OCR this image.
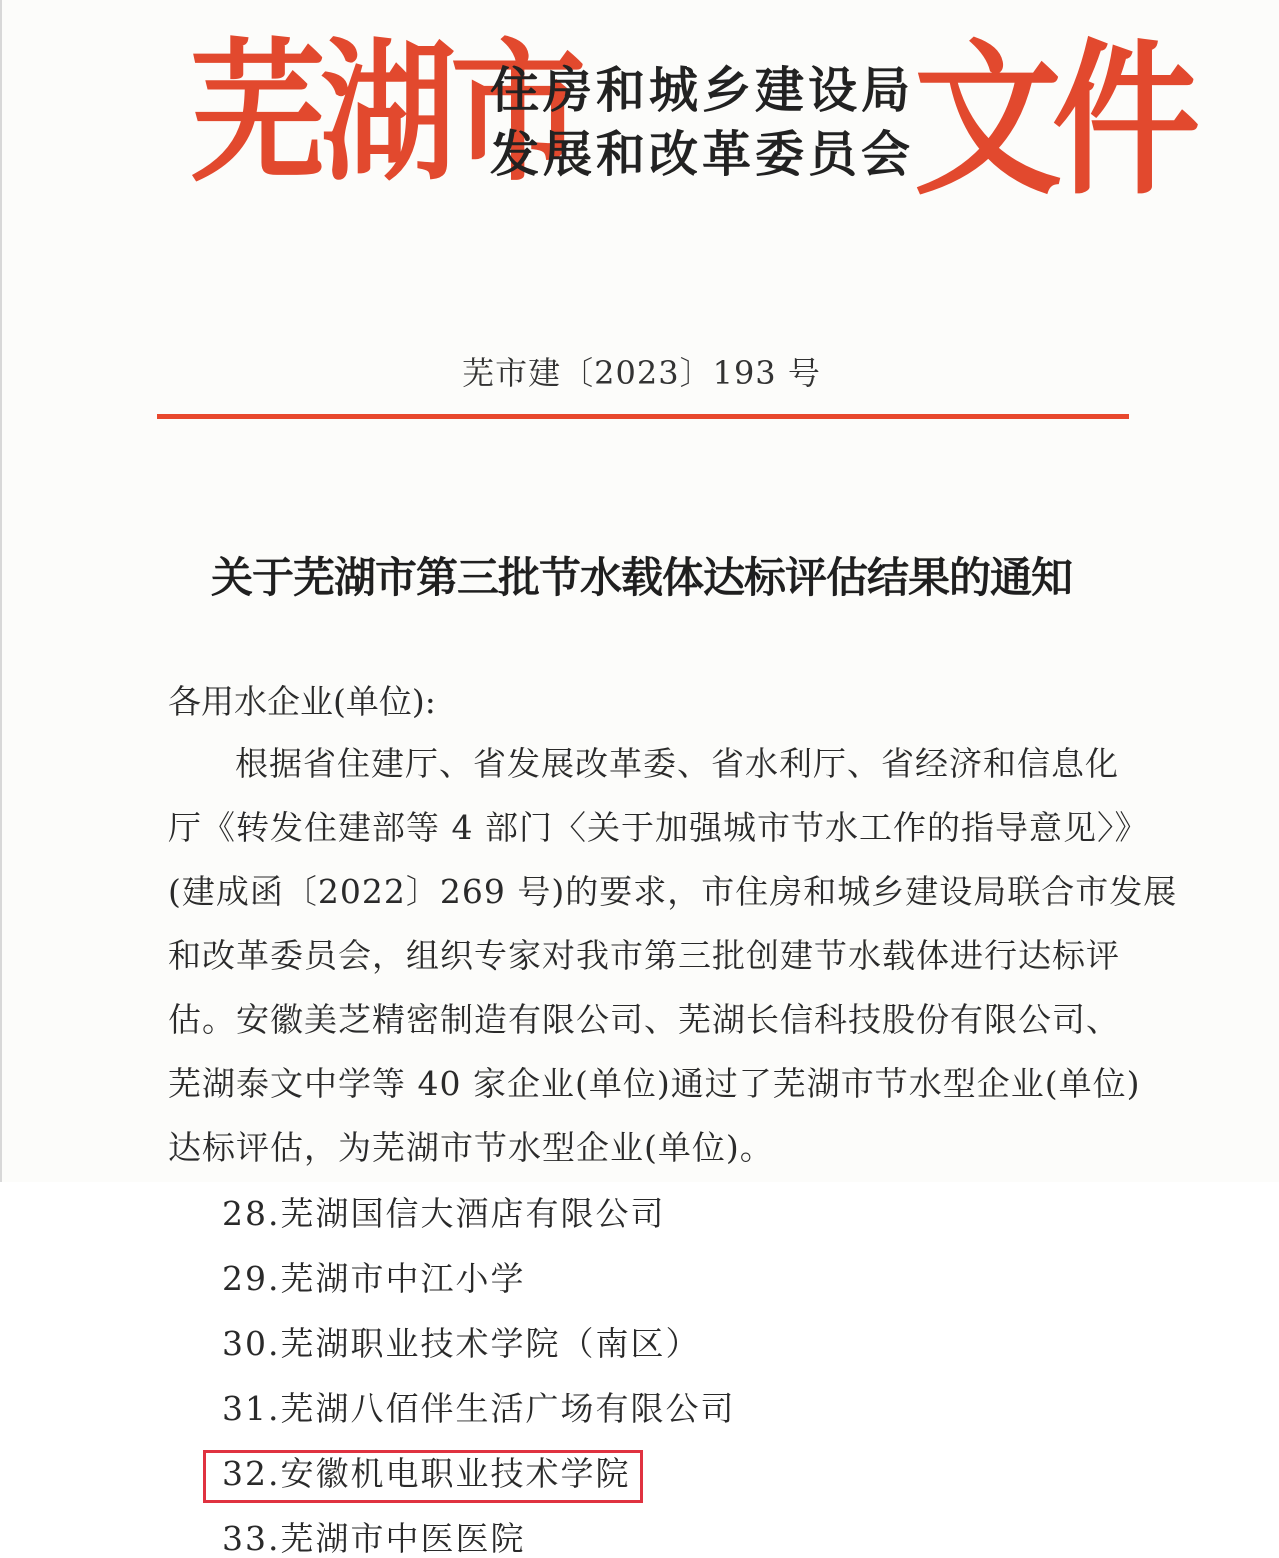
芜湖市
住房和城乡建设局
发展和改革委员会 文件
芜市建〔2023〕193 号
关于芜湖市第三批节水载体达标评估结果的通知
各用水企业(单位):
根据省住建厅、省发展改革委、省水利厅、省经济和信息化
厅《转发住建部等 4 部门〈关于加强城市节水工作的指导意见〉》
(建成函〔2022〕269 号)的要求，市住房和城乡建设局联合市发展
和改革委员会，组织专家对我市第三批创建节水载体进行达标评
估。安徽美芝精密制造有限公司、芜湖长信科技股份有限公司、
芜湖泰文中学等 40 家企业(单位)通过了芜湖市节水型企业(单位)
达标评估，为芜湖市节水型企业(单位)。
28.芜湖国信大酒店有限公司
29.芜湖市中江小学
30.芜湖职业技术学院（南区）
31.芜湖八佰伴生活广场有限公司
32.安徽机电职业技术学院
33.芜湖市中医医院
